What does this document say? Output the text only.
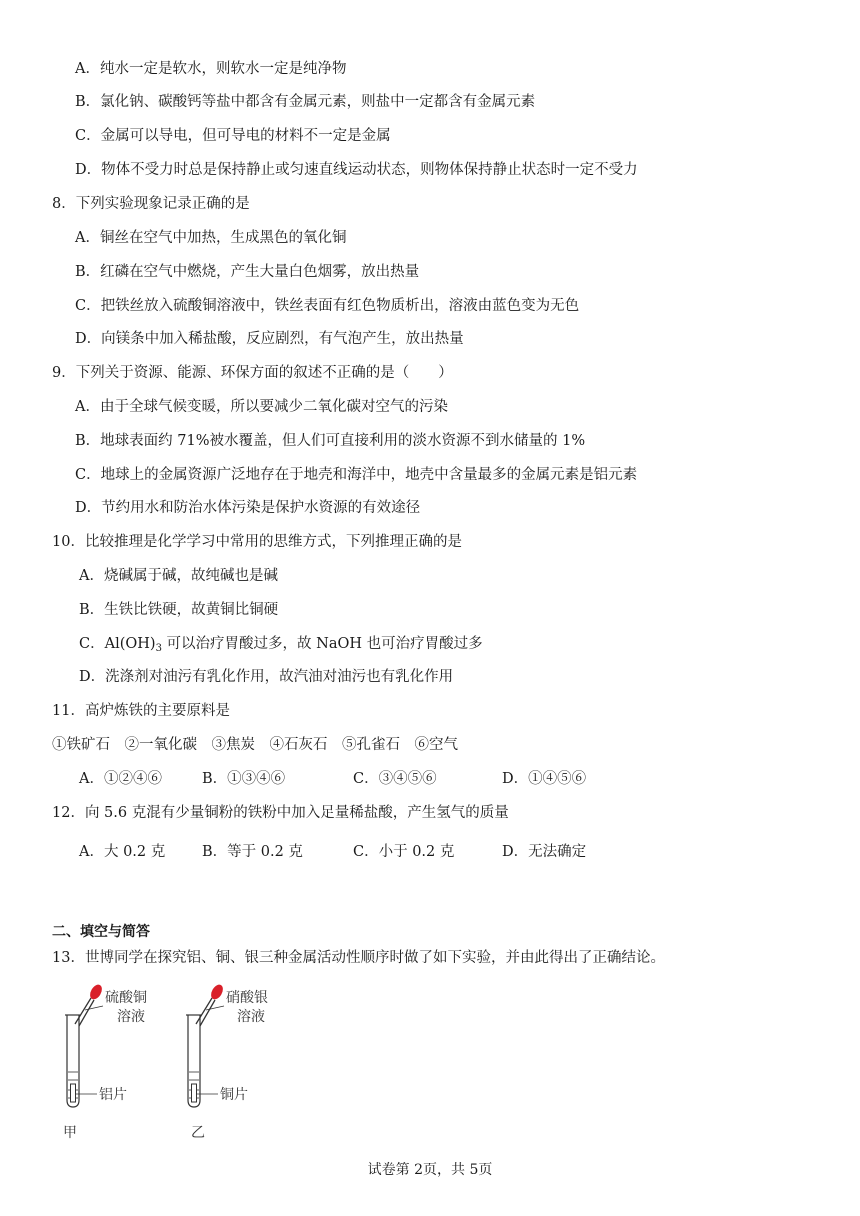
A．纯水一定是软水，则软水一定是纯净物
B．氯化钠、碳酸钙等盐中都含有金属元素，则盐中一定都含有金属元素
C．金属可以导电，但可导电的材料不一定是金属
D．物体不受力时总是保持静止或匀速直线运动状态，则物体保持静止状态时一定不受力
8．下列实验现象记录正确的是
A．铜丝在空气中加热，生成黑色的氧化铜
B．红磷在空气中燃烧，产生大量白色烟雾，放出热量
C．把铁丝放入硫酸铜溶液中，铁丝表面有红色物质析出，溶液由蓝色变为无色
D．向镁条中加入稀盐酸，反应剧烈，有气泡产生，放出热量
9．下列关于资源、能源、环保方面的叙述不正确的是（　　）
A．由于全球气候变暖，所以要减少二氧化碳对空气的污染
B．地球表面约 71%被水覆盖，但人们可直接利用的淡水资源不到水储量的 1%
C．地球上的金属资源广泛地存在于地壳和海洋中，地壳中含量最多的金属元素是铝元素
D．节约用水和防治水体污染是保护水资源的有效途径
10．比较推理是化学学习中常用的思维方式，下列推理正确的是
A．烧碱属于碱，故纯碱也是碱
B．生铁比铁硬，故黄铜比铜硬
C．$Al(OH)_3$ 可以治疗胃酸过多，故 NaOH 也可治疗胃酸过多
D．洗涤剂对油污有乳化作用，故汽油对油污也有乳化作用
11．高炉炼铁的主要原料是
①铁矿石　②一氧化碳　③焦炭　④石灰石　⑤孔雀石　⑥空气
A．①②④⑥	B．①③④⑥	C．③④⑤⑥	D．①④⑤⑥
12．向 5.6 克混有少量铜粉的铁粉中加入足量稀盐酸，产生氢气的质量
A．大 0.2 克	B．等于 0.2 克	C．小于 0.2 克	D．无法确定
二、填空与简答
13．世博同学在探究铝、铜、银三种金属活动性顺序时做了如下实验，并由此得出了正确结论。
硫酸铜
溶液
铝片
甲
硝酸银
溶液
铜片
乙
试卷第 2页，共 5页
